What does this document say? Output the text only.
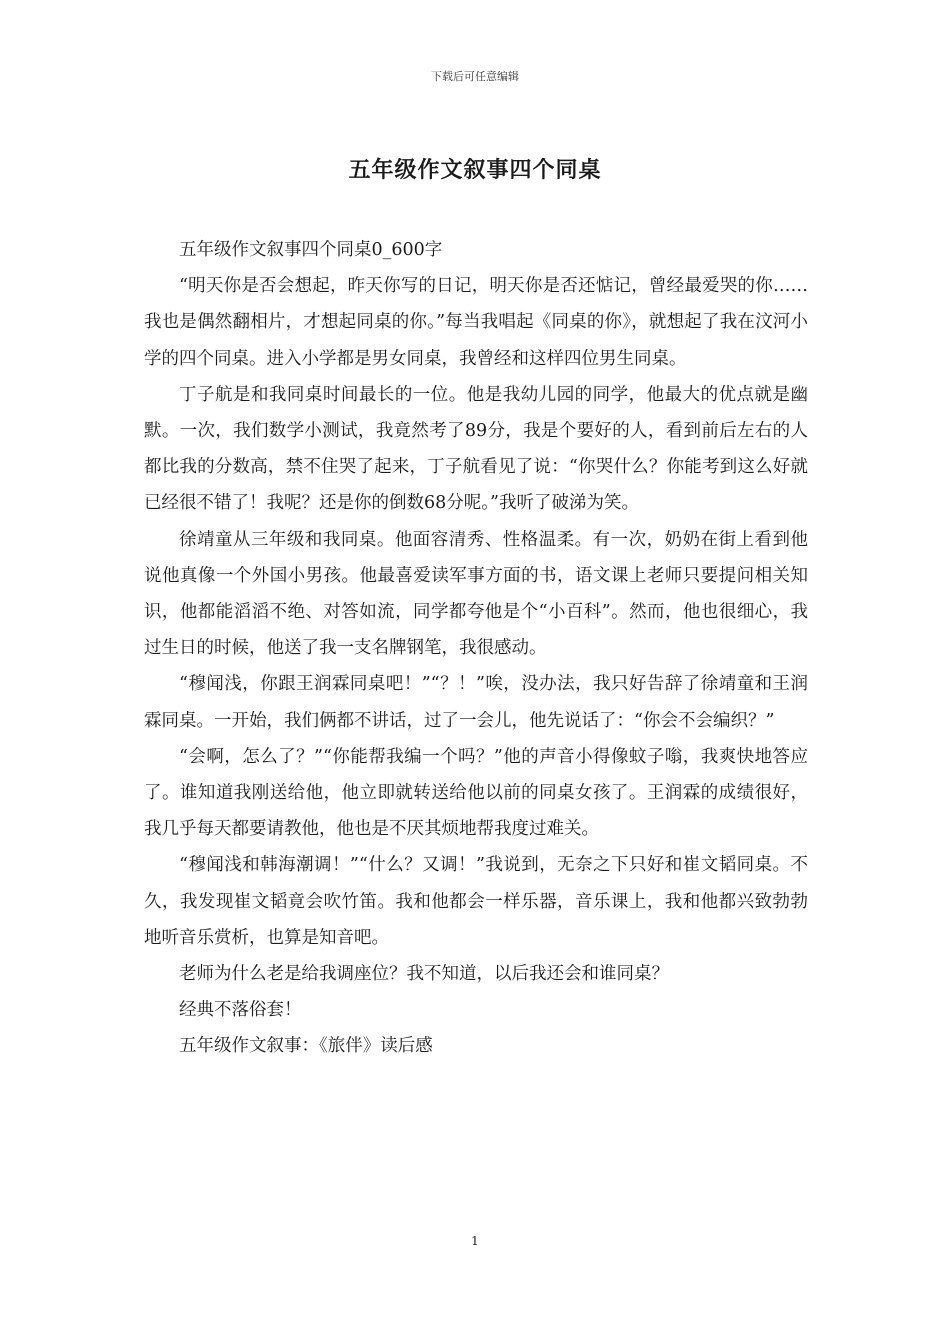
下载后可任意编辑
五年级作文叙事四个同桌

五年级作文叙事四个同桌0_600字

“明天你是否会想起，昨天你写的日记，明天你是否还惦记，曾经最爱哭的你……我也是偶然翻相片，才想起同桌的你。”每当我唱起《同桌的你》，就想起了我在汶河小学的四个同桌。进入小学都是男女同桌，我曾经和这样四位男生同桌。

丁子航是和我同桌时间最长的一位。他是我幼儿园的同学，他最大的优点就是幽默。一次，我们数学小测试，我竟然考了89分，我是个要好的人，看到前后左右的人都比我的分数高，禁不住哭了起来，丁子航看见了说：“你哭什么？你能考到这么好就已经很不错了！我呢？还是你的倒数68分呢。”我听了破涕为笑。

徐靖童从三年级和我同桌。他面容清秀、性格温柔。有一次，奶奶在街上看到他说他真像一个外国小男孩。他最喜爱读军事方面的书，语文课上老师只要提问相关知识，他都能滔滔不绝、对答如流，同学都夸他是个“小百科”。然而，他也很细心，我过生日的时候，他送了我一支名牌钢笔，我很感动。

“穆闻浅，你跟王润霖同桌吧！”“？！”唉，没办法，我只好告辞了徐靖童和王润霖同桌。一开始，我们俩都不讲话，过了一会儿，他先说话了：“你会不会编织？”

“会啊，怎么了？”“你能帮我编一个吗？”他的声音小得像蚊子嗡，我爽快地答应了。谁知道我刚送给他，他立即就转送给他以前的同桌女孩了。王润霖的成绩很好，我几乎每天都要请教他，他也是不厌其烦地帮我度过难关。

“穆闻浅和韩海潮调！”“什么？又调！”我说到，无奈之下只好和崔文韬同桌。不久，我发现崔文韬竟会吹竹笛。我和他都会一样乐器，音乐课上，我和他都兴致勃勃地听音乐赏析，也算是知音吧。

老师为什么老是给我调座位？我不知道，以后我还会和谁同桌？

经典不落俗套！

五年级作文叙事：《旅伴》读后感

1
